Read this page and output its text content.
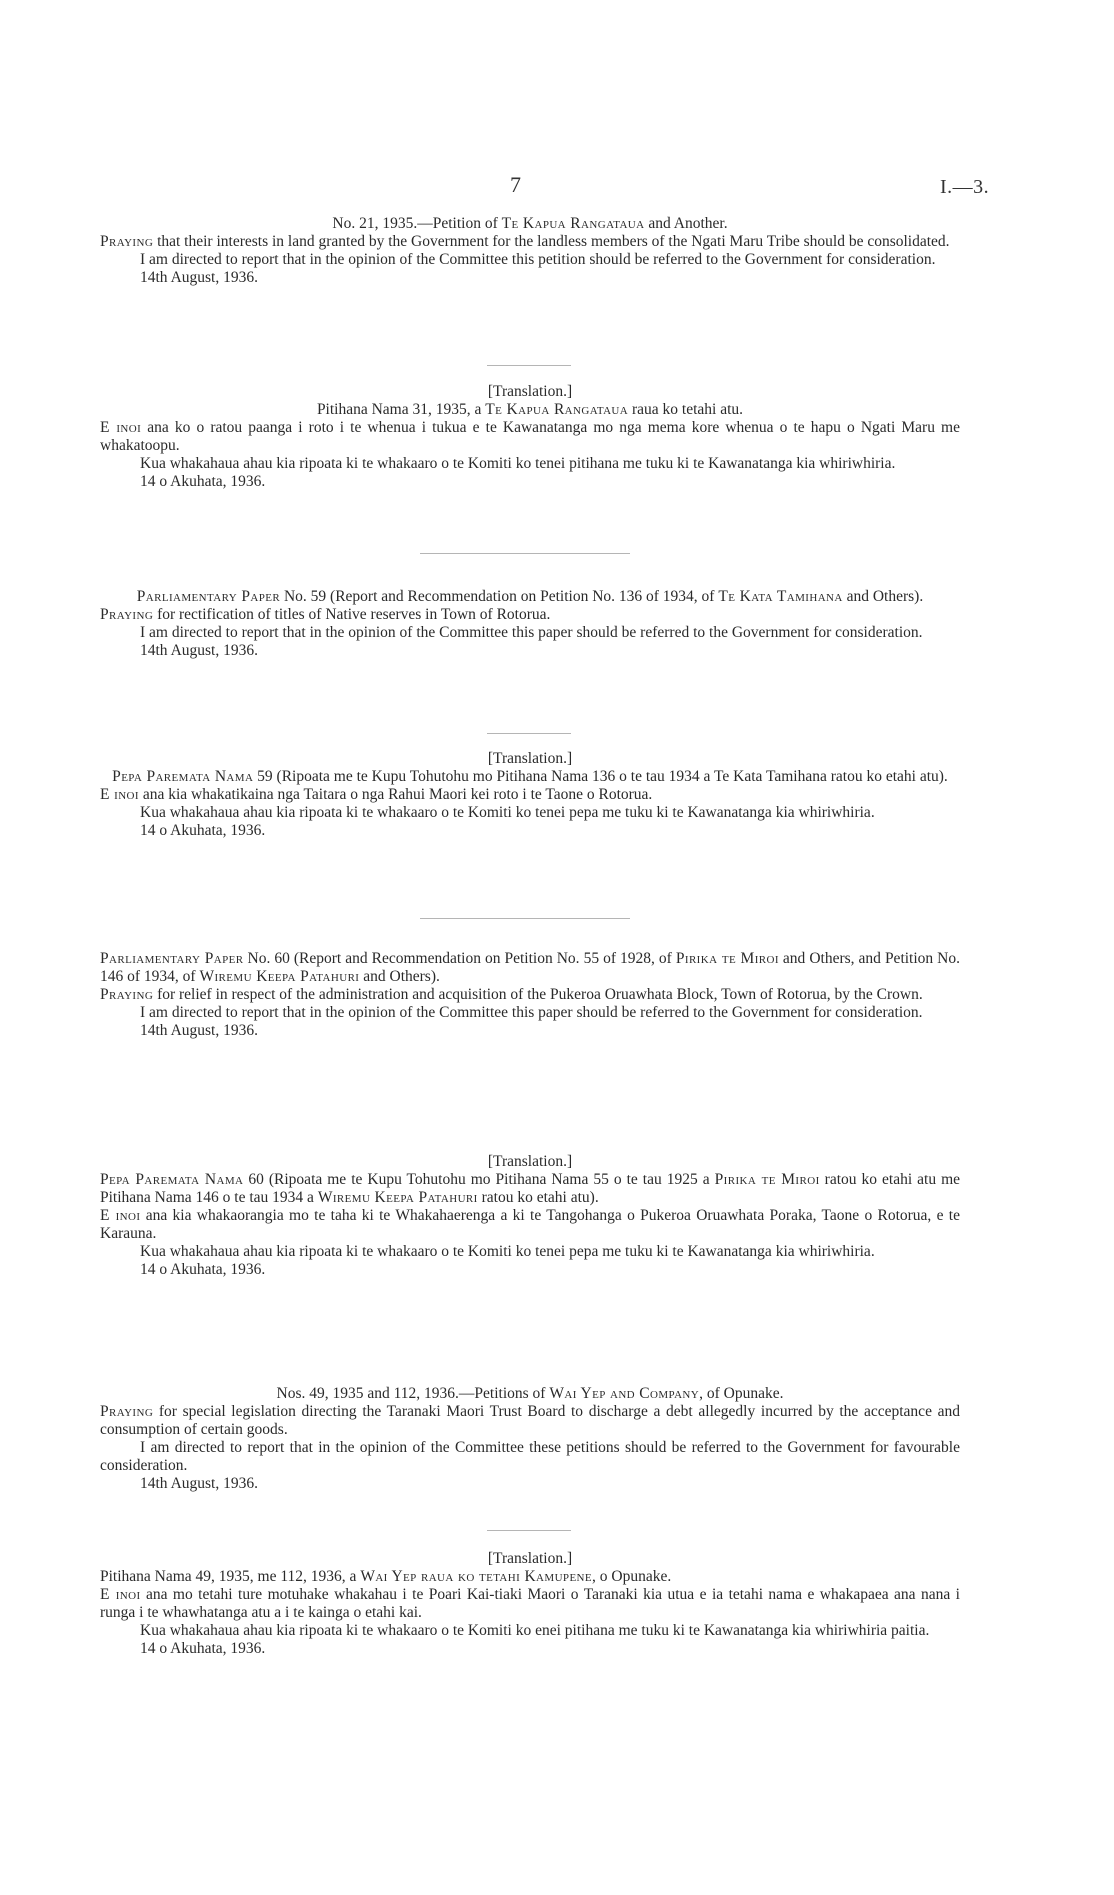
7	I.—3.

No. 21, 1935.—Petition of Te Kapua Rangataua and Another.

Praying that their interests in land granted by the Government for the landless members of the Ngati Maru Tribe should be consolidated.

I am directed to report that in the opinion of the Committee this petition should be referred to the Government for consideration.

14th August, 1936.

[Translation.]

Pitihana Nama 31, 1935, a Te Kapua Rangataua raua ko tetahi atu.

E inoi ana ko o ratou paanga i roto i te whenua i tukua e te Kawanatanga mo nga mema kore whenua o te hapu o Ngati Maru me whakatoopu.

Kua whakahaua ahau kia ripoata ki te whakaaro o te Komiti ko tenei pitihana me tuku ki te Kawanatanga kia whiriwhiria.

14 o Akuhata, 1936.

Parliamentary Paper No. 59 (Report and Recommendation on Petition No. 136 of 1934, of Te Kata Tamihana and Others).

Praying for rectification of titles of Native reserves in Town of Rotorua.

I am directed to report that in the opinion of the Committee this paper should be referred to the Government for consideration.

14th August, 1936.

[Translation.]

Pepa Paremata Nama 59 (Ripoata me te Kupu Tohutohu mo Pitihana Nama 136 o te tau 1934 a Te Kata Tamihana ratou ko etahi atu).

E inoi ana kia whakatikaina nga Taitara o nga Rahui Maori kei roto i te Taone o Rotorua.

Kua whakahaua ahau kia ripoata ki te whakaaro o te Komiti ko tenei pepa me tuku ki te Kawanatanga kia whiriwhiria.

14 o Akuhata, 1936.

Parliamentary Paper No. 60 (Report and Recommendation on Petition No. 55 of 1928, of Pirika te Miroi and Others, and Petition No. 146 of 1934, of Wiremu Keepa Patahuri and Others).

Praying for relief in respect of the administration and acquisition of the Pukeroa Oruawhata Block, Town of Rotorua, by the Crown.

I am directed to report that in the opinion of the Committee this paper should be referred to the Government for consideration.

14th August, 1936.

[Translation.]

Pepa Paremata Nama 60 (Ripoata me te Kupu Tohutohu mo Pitihana Nama 55 o te tau 1925 a Pirika te Miroi ratou ko etahi atu me Pitihana Nama 146 o te tau 1934 a Wiremu Keepa Patahuri ratou ko etahi atu).

E inoi ana kia whakaorangia mo te taha ki te Whakahaerenga a ki te Tangohanga o Pukeroa Oruawhata Poraka, Taone o Rotorua, e te Karauna.

Kua whakahaua ahau kia ripoata ki te whakaaro o te Komiti ko tenei pepa me tuku ki te Kawanatanga kia whiriwhiria.

14 o Akuhata, 1936.

Nos. 49, 1935 and 112, 1936.—Petitions of Wai Yep and Company, of Opunake.

Praying for special legislation directing the Taranaki Maori Trust Board to discharge a debt allegedly incurred by the acceptance and consumption of certain goods.

I am directed to report that in the opinion of the Committee these petitions should be referred to the Government for favourable consideration.

14th August, 1936.

[Translation.]

Pitihana Nama 49, 1935, me 112, 1936, a Wai Yep raua ko tetahi Kamupene, o Opunake.

E inoi ana mo tetahi ture motuhake whakahau i te Poari Kai-tiaki Maori o Taranaki kia utua e ia tetahi nama e whakapaea ana nana i runga i te whawhatanga atu a i te kainga o etahi kai.

Kua whakahaua ahau kia ripoata ki te whakaaro o te Komiti ko enei pitihana me tuku ki te Kawanatanga kia whiriwhiria paitia.

14 o Akuhata, 1936.
